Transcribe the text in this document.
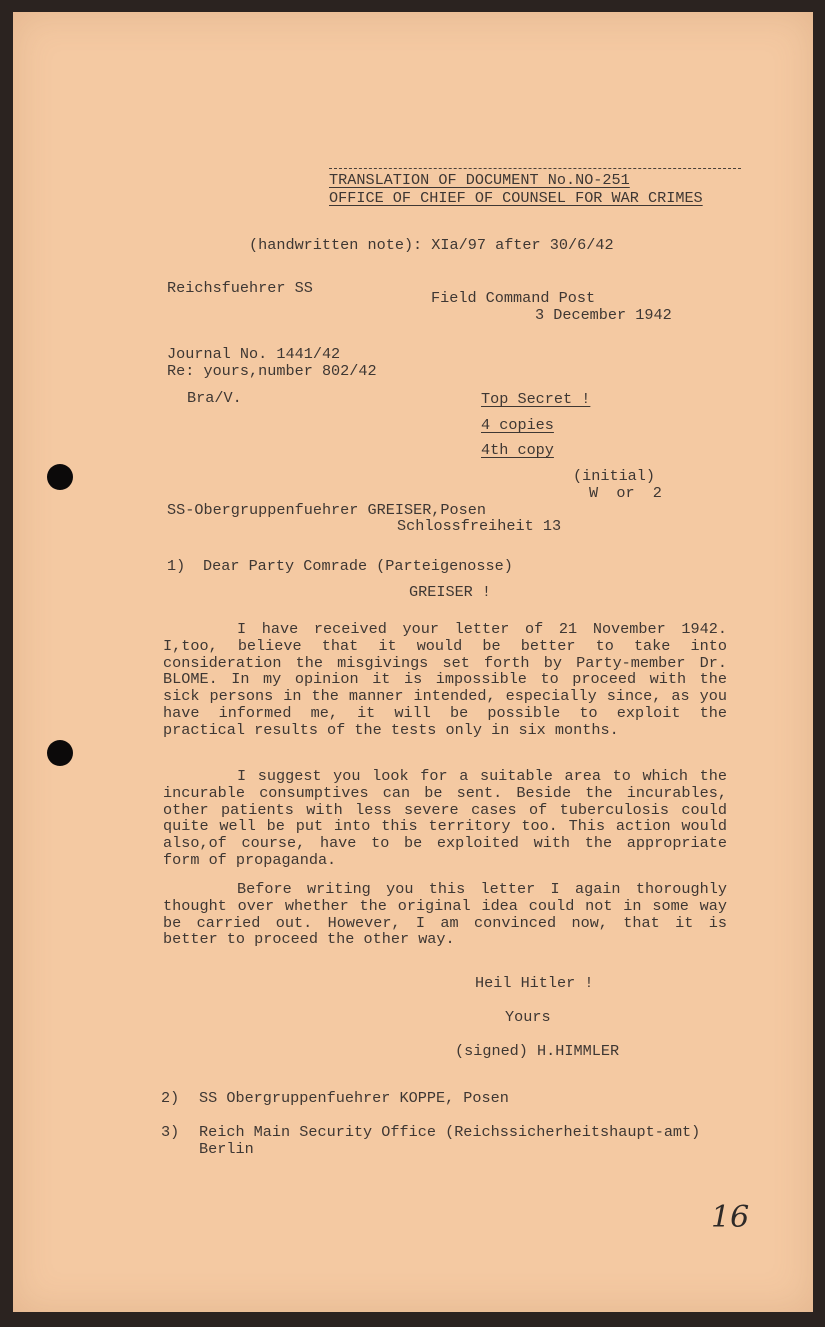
TRANSLATION OF DOCUMENT No.NO-251

OFFICE OF CHIEF OF COUNSEL FOR WAR CRIMES

(handwritten note): XIa/97 after 30/6/42

Reichsfuehrer SS

Field Command Post

3 December 1942

Journal No. 1441/42

Re: yours,number 802/42

Bra/V.	Top Secret !

4 copies

4th copy

(initial)

W  or  2

SS-Obergruppenfuehrer GREISER,Posen

Schlossfreiheit 13

1) Dear Party Comrade (Parteigenosse)

GREISER !

I have received your letter of 21 November 1942. I,too, believe that it would be better to take into consideration the misgivings set forth by Party-member Dr. BLOME. In my opinion it is impossible to proceed with the sick persons in the manner intended, especially since, as you have informed me, it will be possible to exploit the practical results of the tests only in six months.

I suggest you look for a suitable area to which the incurable consumptives can be sent. Beside the incurables, other patients with less severe cases of tuberculosis could quite well be put into this territory too. This action would also,of course, have to be exploited with the appropriate form of propaganda.

Before writing you this letter I again thoroughly thought over whether the original idea could not in some way be carried out. However, I am convinced now, that it is better to proceed the other way.

Heil Hitler !

Yours

(signed) H.HIMMLER

2) SS Obergruppenfuehrer KOPPE, Posen

3) Reich Main Security Office (Reichssicherheitshaupt-amt) Berlin

16
